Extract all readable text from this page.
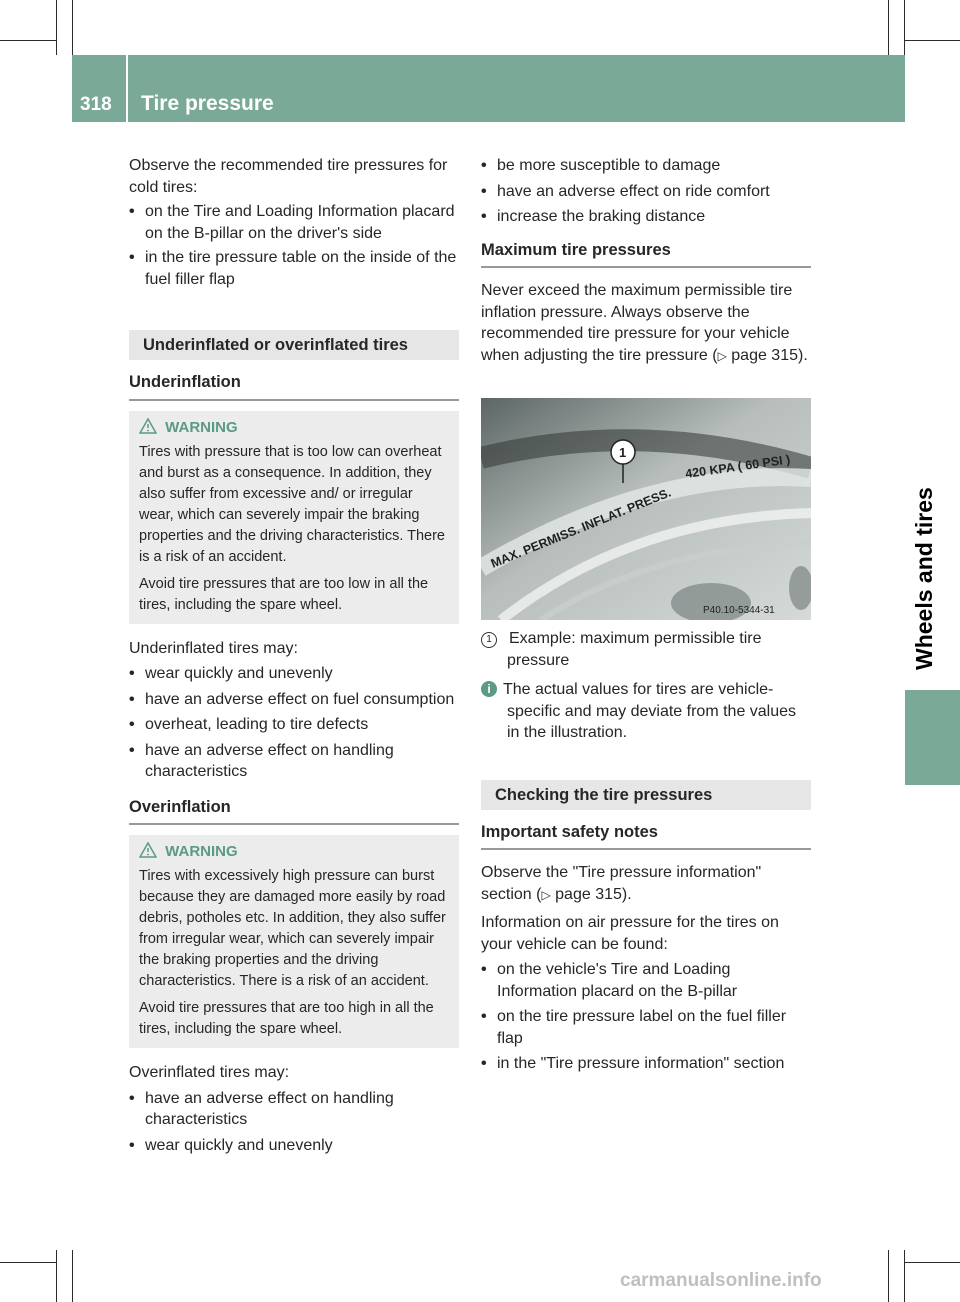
318 Tire pressure
Wheels and tires

Observe the recommended tire pressures for cold tires:

• on the Tire and Loading Information placard on the B-pillar on the driver's side

• in the tire pressure table on the inside of the fuel filler flap

Underinflated or overinflated tires
Underinflation
WARNING

Tires with pressure that is too low can overheat and burst as a consequence. In addition, they also suffer from excessive and/ or irregular wear, which can severely impair the braking properties and the driving characteristics. There is a risk of an accident.

Avoid tire pressures that are too low in all the tires, including the spare wheel.

Underinflated tires may:

• wear quickly and unevenly

• have an adverse effect on fuel consumption

• overheat, leading to tire defects

• have an adverse effect on handling characteristics

Overinflation
WARNING

Tires with excessively high pressure can burst because they are damaged more easily by road debris, potholes etc. In addition, they also suffer from irregular wear, which can severely impair the braking properties and the driving characteristics. There is a risk of an accident.

Avoid tire pressures that are too high in all the tires, including the spare wheel.

Overinflated tires may:

• have an adverse effect on handling characteristics

• wear quickly and unevenly

• be more susceptible to damage

• have an adverse effect on ride comfort

• increase the braking distance

Maximum tire pressures

Never exceed the maximum permissible tire inflation pressure. Always observe the recommended tire pressure for your vehicle when adjusting the tire pressure (▷ page 315).

MAX. PERMISS. INFLAT. PRESS.
420 KPA ( 60 PSI )
1
P40.10-5344-31

1 Example: maximum permissible tire pressure

i The actual values for tires are vehicle-specific and may deviate from the values in the illustration.

Checking the tire pressures
Important safety notes

Observe the "Tire pressure information" section (▷ page 315).

Information on air pressure for the tires on your vehicle can be found:

• on the vehicle's Tire and Loading Information placard on the B-pillar

• on the tire pressure label on the fuel filler flap

• in the "Tire pressure information" section

carmanualsonline.info
